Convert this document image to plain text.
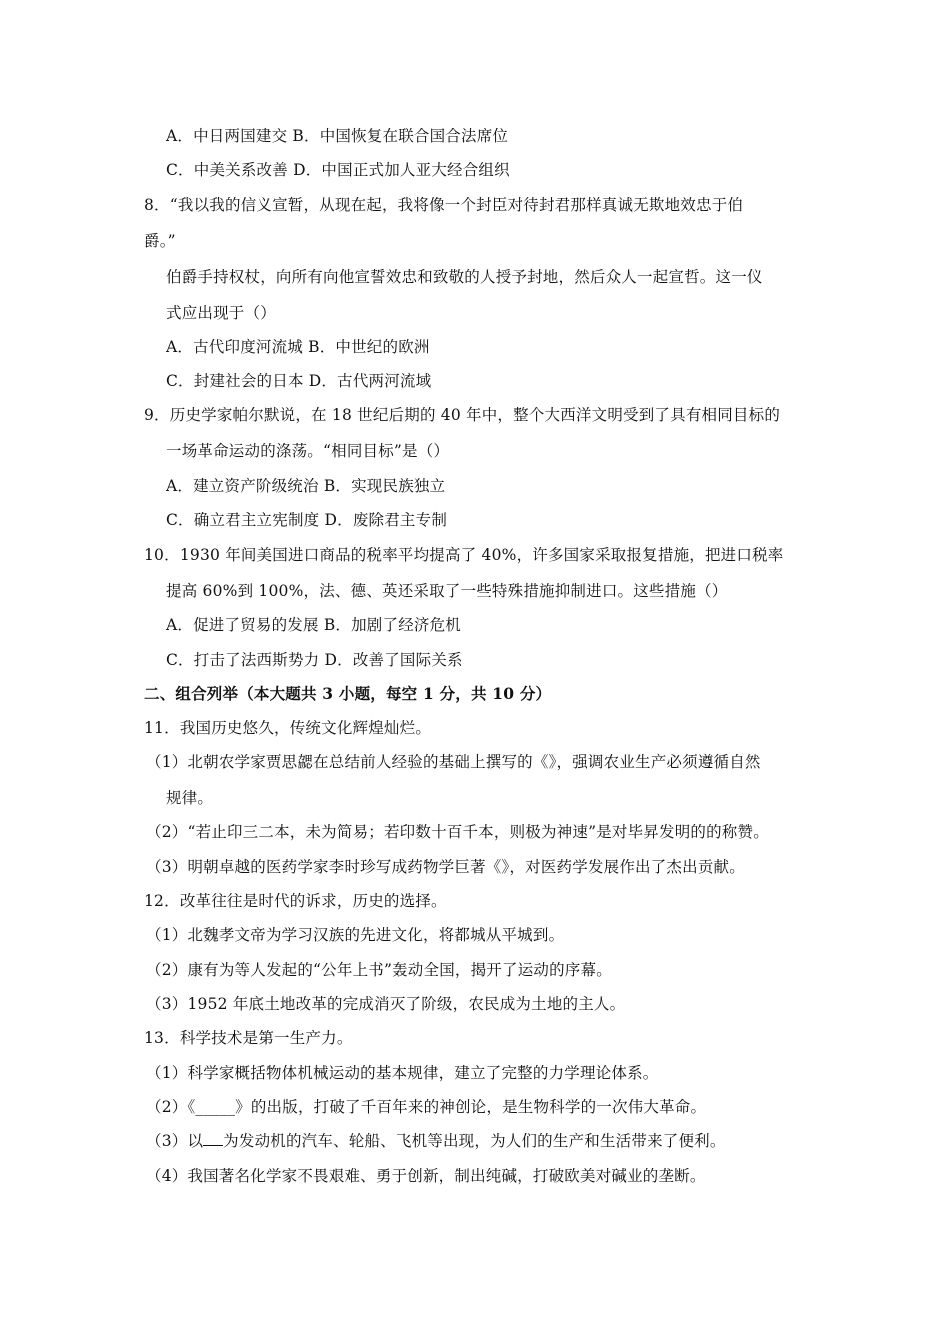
A．中日两国建交 B．中国恢复在联合国合法席位
C．中美关系改善 D．中国正式加人亚大经合组织
8．“我以我的信义宣暂，从现在起，我将像一个封臣对待封君那样真诚无欺地效忠于伯
爵。”
伯爵手持权杖，向所有向他宣誓效忠和致敬的人授予封地，然后众人一起宣哲。这一仪
式应出现于（）
A．古代印度河流城 B．中世纪的欧洲
C．封建社会的日本 D．古代两河流域
9．历史学家帕尔默说，在 18 世纪后期的 40 年中，整个大西洋文明受到了具有相同目标的
一场革命运动的涤荡。“相同目标”是（）
A．建立资产阶级统治 B．实现民族独立
C．确立君主立宪制度 D．废除君主专制
10．1930 年间美国进口商品的税率平均提高了 40%，许多国家采取报复措施，把进口税率
提高 60%到 100%，法、德、英还采取了一些特殊措施抑制进口。这些措施（）
A．促进了贸易的发展 B．加剧了经济危机
C．打击了法西斯势力 D．改善了国际关系
二、组合列举（本大题共 3 小题，每空 1 分，共 10 分）
11．我国历史悠久，传统文化辉煌灿烂。
（1）北朝农学家贾思勰在总结前人经验的基础上撰写的《》，强调农业生产必须遵循自然
规律。
（2）“若止印三二本，未为简易；若印数十百千本，则极为神速”是对毕昇发明的的称赞。
（3）明朝卓越的医药学家李时珍写成药物学巨著《》，对医药学发展作出了杰出贡献。
12．改革往往是时代的诉求，历史的选择。
（1）北魏孝文帝为学习汉族的先进文化，将都城从平城到。
（2）康有为等人发起的“公年上书”轰动全国，揭开了运动的序幕。
（3）1952 年底土地改革的完成消灭了阶级，农民成为土地的主人。
13．科学技术是第一生产力。
（1）科学家概括物体机械运动的基本规律，建立了完整的力学理论体系。
（2）《_____》的出版，打破了千百年来的神创论，是生物科学的一次伟大革命。
（3）以 为发动机的汽车、轮船、飞机等出现，为人们的生产和生活带来了便利。
（4）我国著名化学家不畏艰难、勇于创新，制出纯碱，打破欧美对碱业的垄断。
